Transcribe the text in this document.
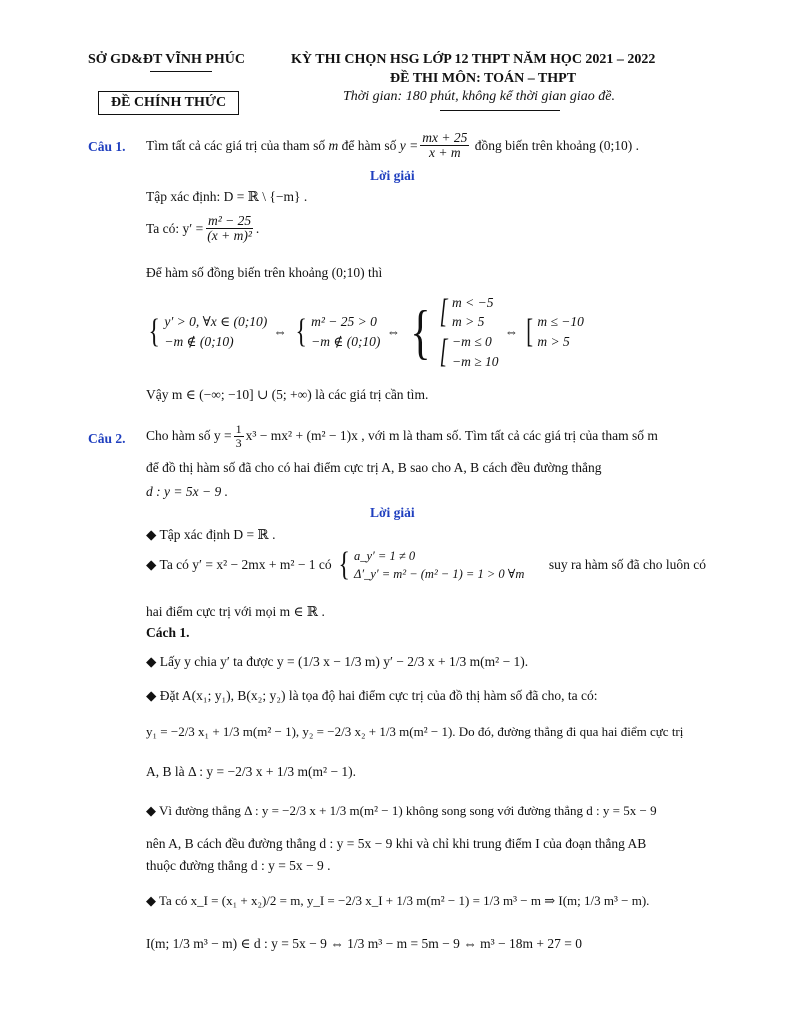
SỞ GD&ĐT VĨNH PHÚC
ĐỀ CHÍNH THỨC
KỲ THI CHỌN HSG LỚP 12 THPT NĂM HỌC 2021 – 2022
ĐỀ THI MÔN: TOÁN – THPT
Thời gian: 180 phút, không kể thời gian giao đề.
Câu 1. Tìm tất cả các giá trị của tham số
m
để hàm số
$y = \frac{mx + 25}{x + m}$
đồng biến trên khoảng
(0;10) .
Lời giải
Tập xác định: D = ℝ \ {−m} .
Ta có: $y' = \frac{\text{m² − 25}}{\text{(x + m)²}}$ .
Để hàm số đồng biến trên khoảng (0;10) thì
{ y′ > 0, ∀x ∈ (0;10)
−m ∉ (0;10)
⇔ { m² − 25 > 0
−m ∉ (0;10)
⇔ { [ m < −5
m > 5
[ −m ≤ 0
−m ≥ 10
⇔ [ m ≤ −10
m > 5
Vậy m ∈ (−∞; −10] ∪ (5; +∞) là các giá trị cần tìm.
Câu 2. Cho hàm số $y = \frac{1}{3} x^3 - mx^2 + (m^2 - 1)x$ , với m là tham số. Tìm tất cả các giá trị của tham số m
để đồ thị hàm số đã cho có hai điểm cực trị A, B sao cho A, B cách đều đường thẳng
d : y = 5x − 9 .
Lời giải
◆ Tập xác định D = ℝ .
◆ Ta có y′ = x² − 2mx + m² − 1 có { a_y′ = 1 ≠ 0
Δ′_y′ = m² − (m² − 1) = 1 > 0 ∀m
suy ra hàm số đã cho luôn có
hai điểm cực trị với mọi m ∈ ℝ .
Cách 1.
◆ Lấy y chia y′ ta được y = (1/3 x − 1/3 m) y′ − 2/3 x + 1/3 m(m² − 1).
◆ Đặt A(x₁; y₁), B(x₂; y₂) là tọa độ hai điểm cực trị của đồ thị hàm số đã cho, ta có:
y₁ = −2/3 x₁ + 1/3 m(m² − 1), y₂ = −2/3 x₂ + 1/3 m(m² − 1). Do đó, đường thẳng đi qua hai điểm cực trị
A, B là Δ : y = −2/3 x + 1/3 m(m² − 1).
◆ Vì đường thẳng Δ : y = −2/3 x + 1/3 m(m² − 1) không song song với đường thẳng d : y = 5x − 9
nên A, B cách đều đường thẳng d : y = 5x − 9 khi và chỉ khi trung điểm I của đoạn thẳng AB
thuộc đường thẳng d : y = 5x − 9 .
◆ Ta có x_I = (x₁ + x₂)/2 = m, y_I = −2/3 x_I + 1/3 m(m² − 1) = 1/3 m³ − m ⇒ I(m; 1/3 m³ − m).
I(m; 1/3 m³ − m) ∈ d : y = 5x − 9 ⇔ 1/3 m³ − m = 5m − 9 ⇔ m³ − 18m + 27 = 0
